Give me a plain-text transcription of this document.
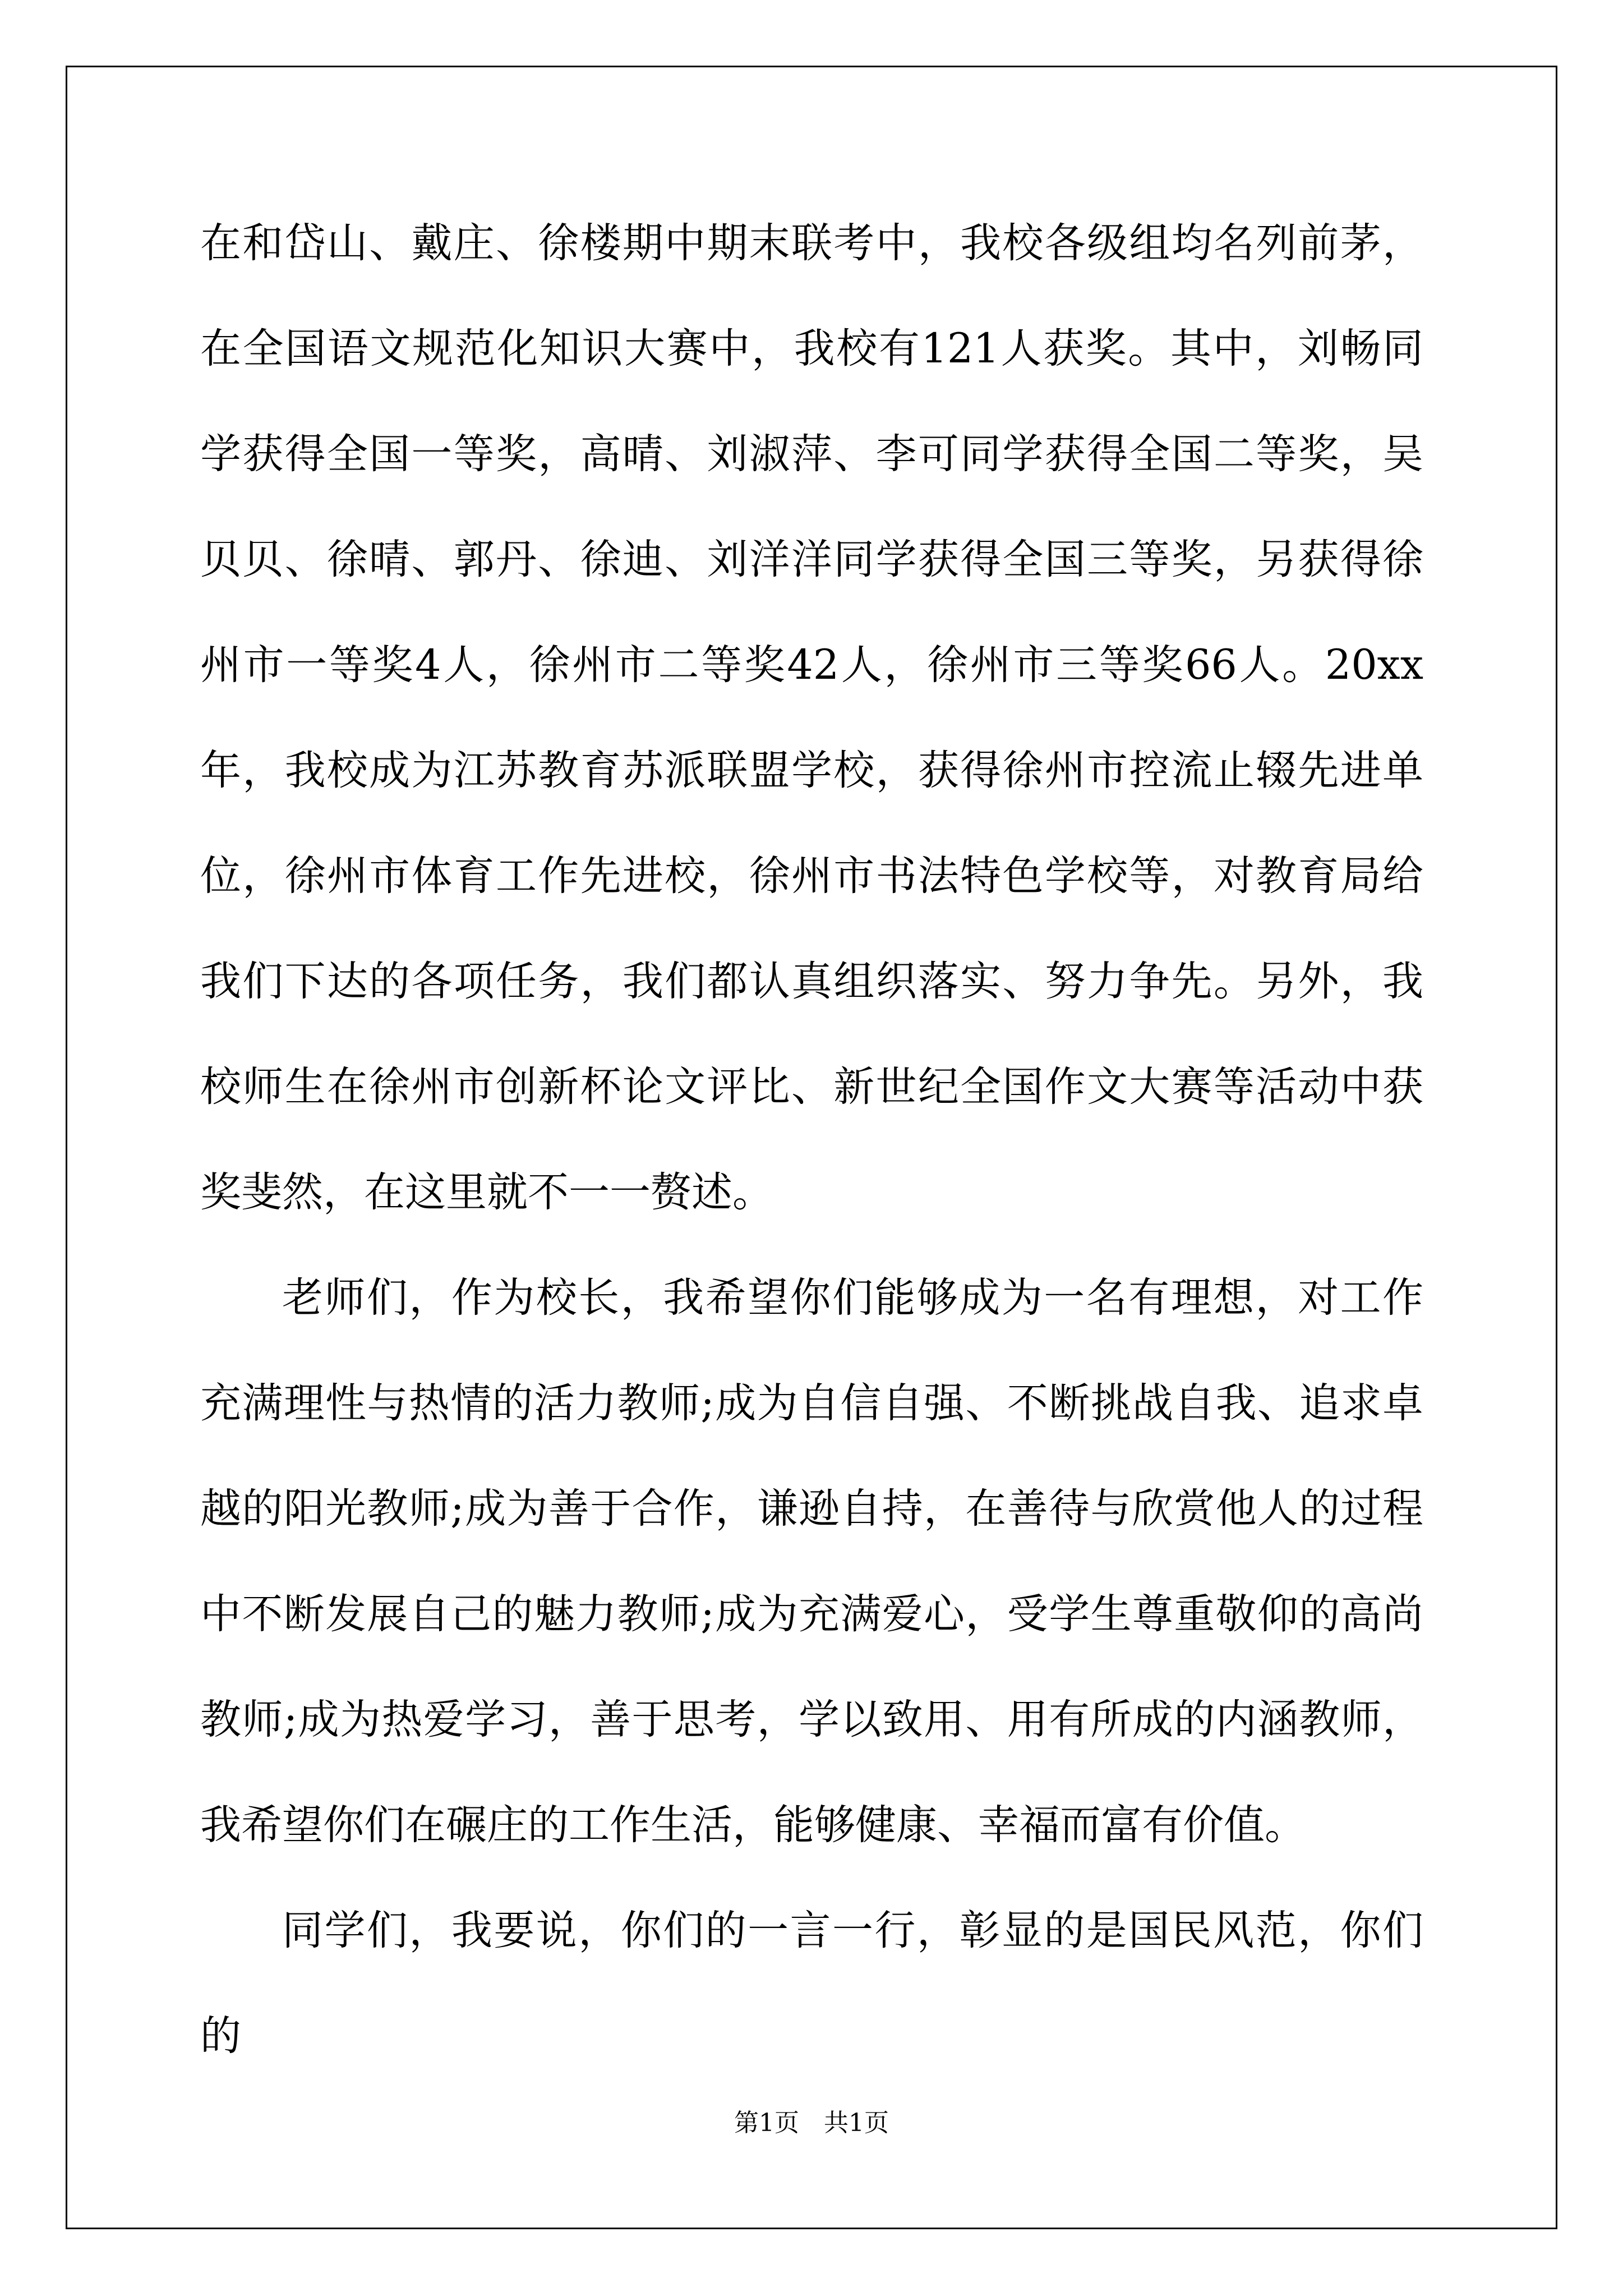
在和岱山、戴庄、徐楼期中期末联考中，我校各级组均名列前茅，在全国语文规范化知识大赛中，我校有121人获奖。其中，刘畅同学获得全国一等奖，高晴、刘淑萍、李可同学获得全国二等奖，吴贝贝、徐晴、郭丹、徐迪、刘洋洋同学获得全国三等奖，另获得徐州市一等奖4人，徐州市二等奖42人，徐州市三等奖66人。20xx年，我校成为江苏教育苏派联盟学校，获得徐州市控流止辍先进单位，徐州市体育工作先进校，徐州市书法特色学校等，对教育局给我们下达的各项任务，我们都认真组织落实、努力争先。另外，我校师生在徐州市创新杯论文评比、新世纪全国作文大赛等活动中获奖斐然，在这里就不一一赘述。

老师们，作为校长，我希望你们能够成为一名有理想，对工作充满理性与热情的活力教师;成为自信自强、不断挑战自我、追求卓越的阳光教师;成为善于合作，谦逊自持，在善待与欣赏他人的过程中不断发展自己的魅力教师;成为充满爱心，受学生尊重敬仰的高尚教师;成为热爱学习，善于思考，学以致用、用有所成的内涵教师，我希望你们在碾庄的工作生活，能够健康、幸福而富有价值。

同学们，我要说，你们的一言一行，彰显的是国民风范，你们的

第1页 共1页
